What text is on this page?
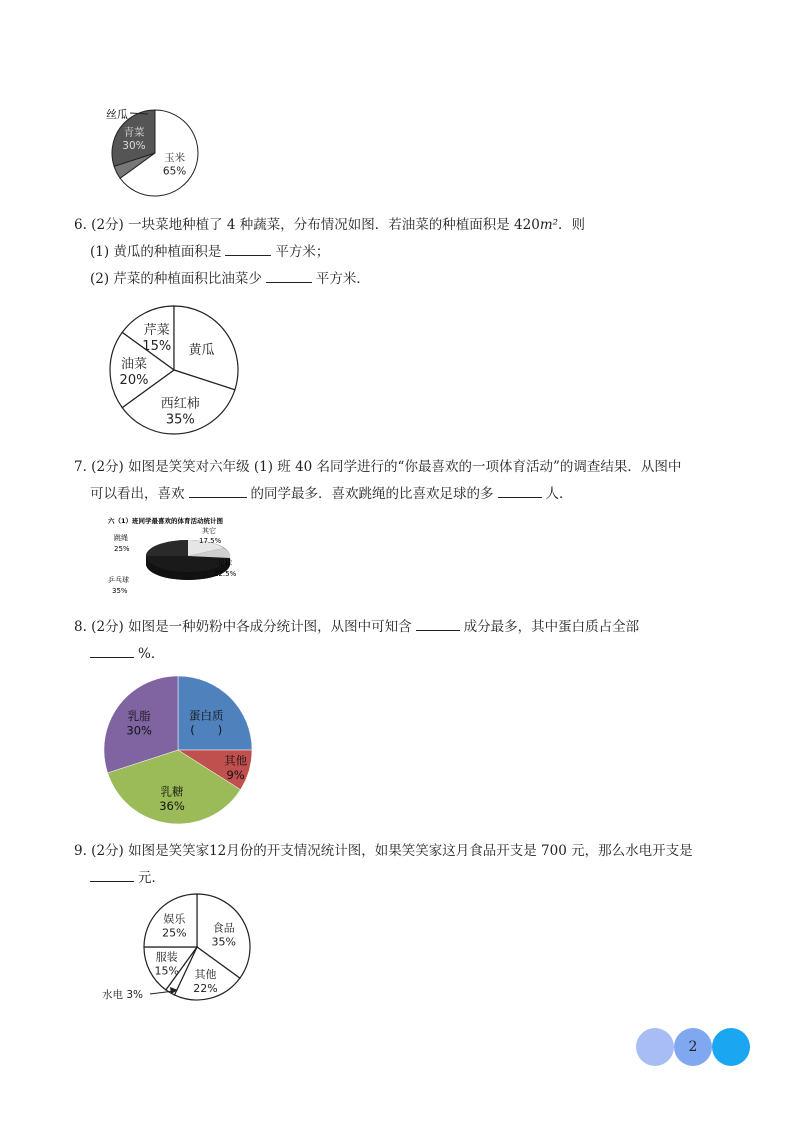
青菜
30%
玉米
65%
丝瓜
6. (2分) 一块菜地种植了 4 种蔬菜，分布情况如图．若油菜的种植面积是 420m²．则
(1) 黄瓜的种植面积是	平方米；
(2) 芹菜的种植面积比油菜少	平方米．
芹菜
15% 黄瓜
西红柿
35%
油菜
20%
7. (2分) 如图是笑笑对六年级 (1) 班 40 名同学进行的“你最喜欢的一项体育活动”的调查结果．从图中
可以看出，喜欢	的同学最多．喜欢跳绳的比喜欢足球的多	人．
六（1）班同学最喜欢的体育活动统计图
其它
17.5%
足球
22.5%
乒乓球
35%
跳绳
25%
8. (2分) 如图是一种奶粉中各成分统计图，从图中可知含	成分最多，其中蛋白质占全部
%．
蛋白质
(　　)
其他
9%
乳糖
36%
乳脂
30%
9. (2分) 如图是笑笑家12月份的开支情况统计图，如果笑笑家这月食品开支是 700 元，那么水电开支是
元．
食品
35%
其他
22%
服装
15%
娱乐
25%
水电 3%
2
